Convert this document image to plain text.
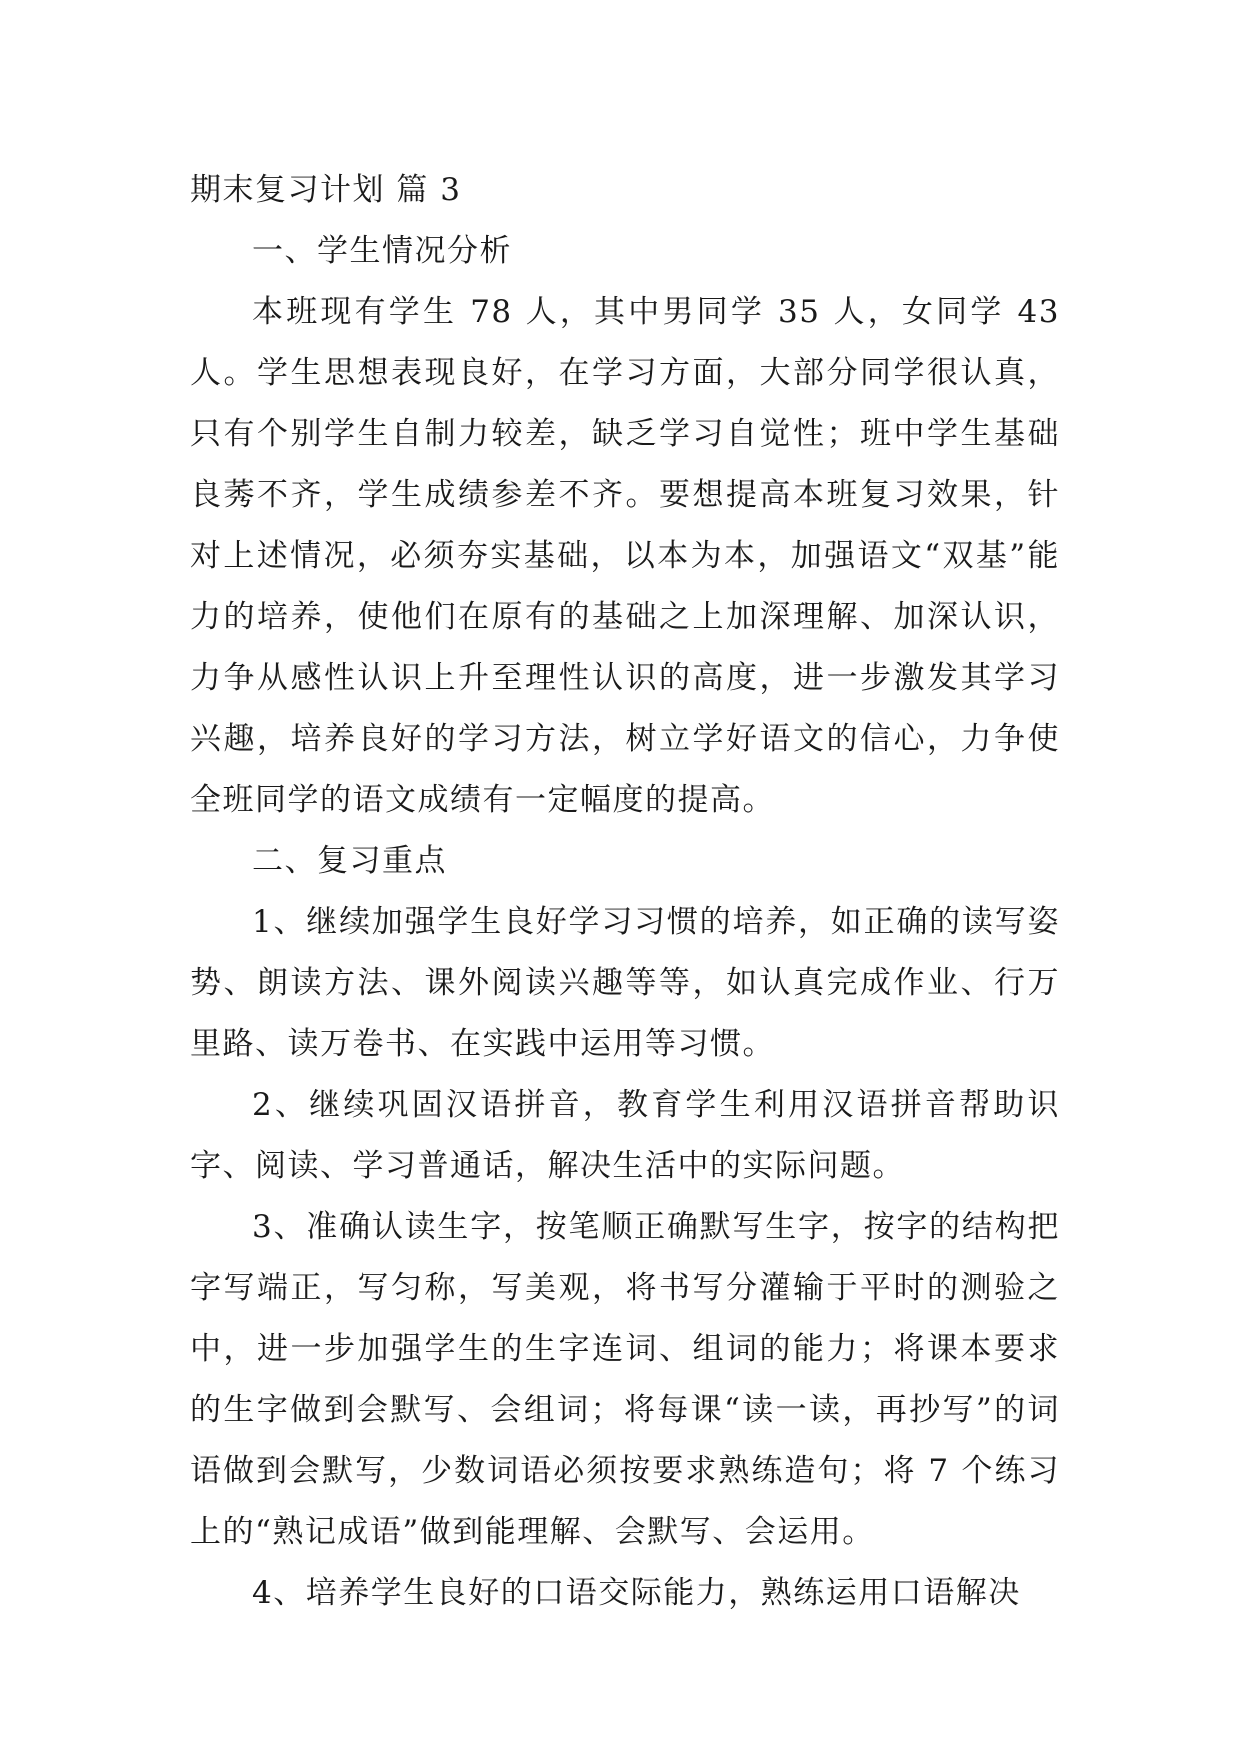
期末复习计划 篇 3

一、学生情况分析

本班现有学生 78 人，其中男同学 35 人，女同学 43 人。学生思想表现良好，在学习方面，大部分同学很认真，只有个别学生自制力较差，缺乏学习自觉性；班中学生基础良莠不齐，学生成绩参差不齐。要想提高本班复习效果，针对上述情况，必须夯实基础，以本为本，加强语文“双基”能力的培养，使他们在原有的基础之上加深理解、加深认识，力争从感性认识上升至理性认识的高度，进一步激发其学习兴趣，培养良好的学习方法，树立学好语文的信心，力争使全班同学的语文成绩有一定幅度的提高。

二、复习重点

1、继续加强学生良好学习习惯的培养，如正确的读写姿势、朗读方法、课外阅读兴趣等等，如认真完成作业、行万里路、读万卷书、在实践中运用等习惯。

2、继续巩固汉语拼音，教育学生利用汉语拼音帮助识字、阅读、学习普通话，解决生活中的实际问题。

3、准确认读生字，按笔顺正确默写生字，按字的结构把字写端正，写匀称，写美观，将书写分灌输于平时的测验之中，进一步加强学生的生字连词、组词的能力；将课本要求的生字做到会默写、会组词；将每课“读一读，再抄写”的词语做到会默写，少数词语必须按要求熟练造句；将 7 个练习上的“熟记成语”做到能理解、会默写、会运用。

4、培养学生良好的口语交际能力，熟练运用口语解决
